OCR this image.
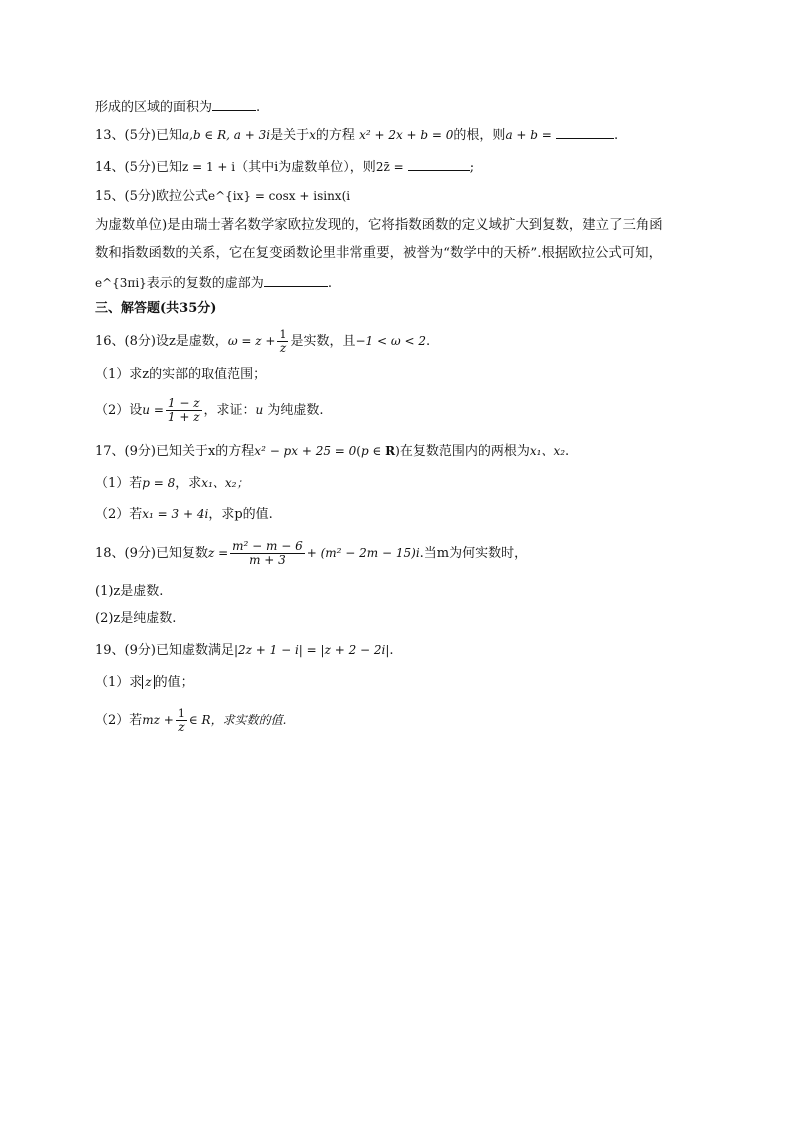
形成的区域的面积为	.
13、(5分)已知a,b ∈ R, a + 3i是关于x的方程 x² + 2x + b = 0的根，则a + b =	.
14、(5分)已知z = 1 + i（其中i为虚数单位），则2z̄ =	;
15、(5分)欧拉公式e^{ix} = cosx + isinx(i
为虚数单位)是由瑞士著名数学家欧拉发现的，它将指数函数的定义域扩大到复数，建立了三角函
数和指数函数的关系，它在复变函数论里非常重要，被誉为“数学中的天桥”.根据欧拉公式可知，
e^{3πi}表示的复数的虚部为	.
三、解答题(共35分)
16、(8分)设z是虚数，$\omega = z + \frac{1}{z}$ 是实数，且−1 < ω < 2.
（1）求z的实部的取值范围；
（2）设$u = \frac{1 - z}{1 + z}$ ，求证：u 为纯虚数.
17、(9分)已知关于x的方程x² − px + 25 = 0(p ∈ R)在复数范围内的两根为x₁、x₂.
（1）若p = 8，求x₁、x₂；
（2）若x₁ = 3 + 4i，求p的值.
18、(9分)已知复数$z = \frac{\text{m² − m − 6}}{m + 3} + (m^2 - 2m - 15)i$.当m为何实数时，
(1)z是虚数.
(2)z是纯虚数.
19、(9分)已知虚数满足|2z + 1 − i| = |z + 2 − 2i|.
（1）求 z 的值；
（2）若mz + $\frac{1}{z}$ ∈ R，求实数的值.
